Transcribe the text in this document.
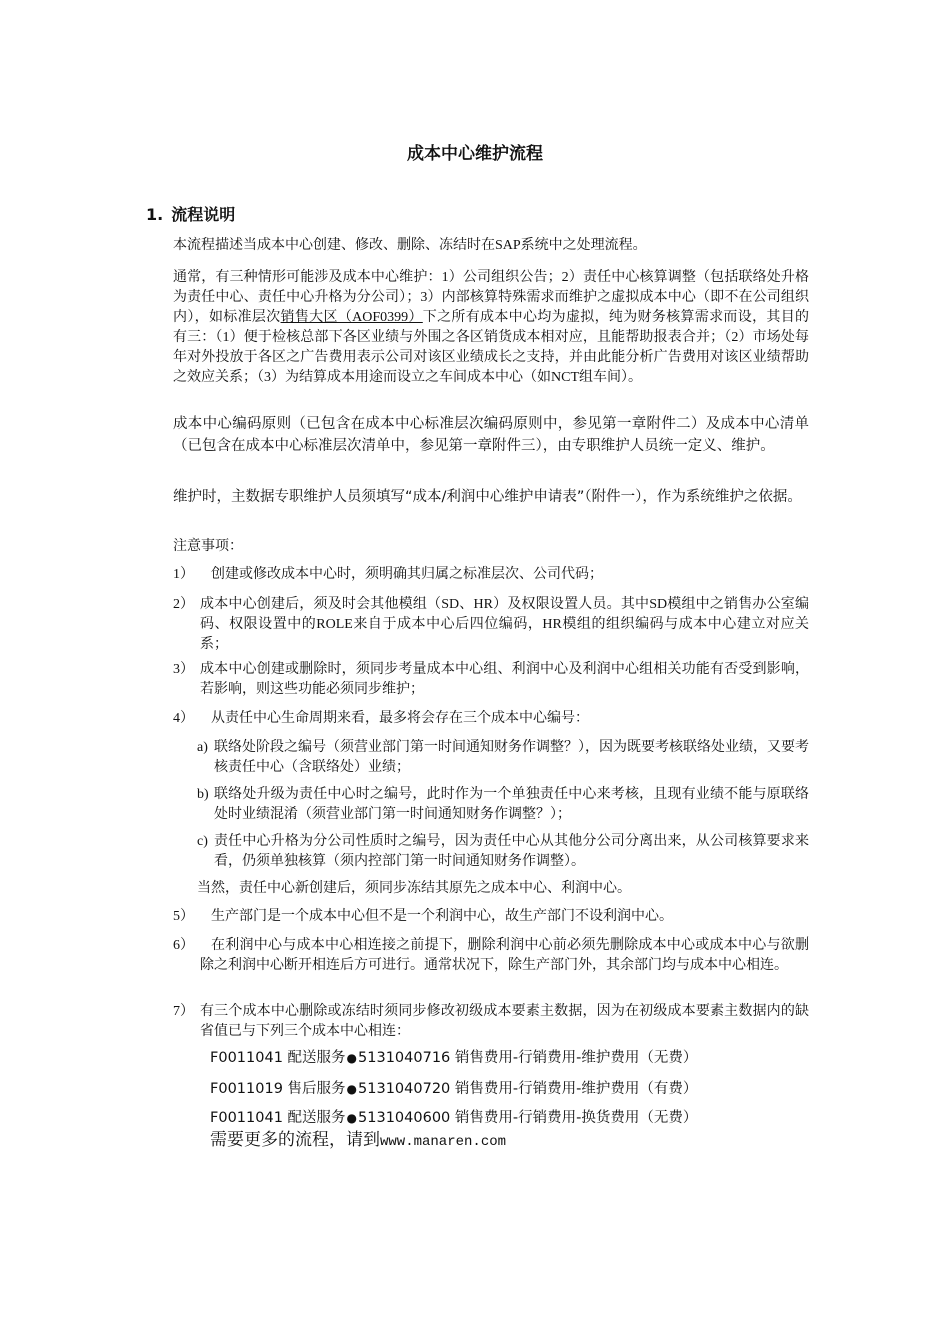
成本中心维护流程
1. 流程说明

本流程描述当成本中心创建、修改、删除、冻结时在SAP系统中之处理流程。

通常，有三种情形可能涉及成本中心维护：1）公司组织公告；2）责任中心核算调整（包括联络处升格为责任中心、责任中心升格为分公司）；3）内部核算特殊需求而维护之虚拟成本中心（即不在公司组织内），如标准层次销售大区（AOF0399）下之所有成本中心均为虚拟，纯为财务核算需求而设，其目的有三：（1）便于检核总部下各区业绩与外围之各区销货成本相对应，且能帮助报表合并；（2）市场处每年对外投放于各区之广告费用表示公司对该区业绩成长之支持，并由此能分析广告费用对该区业绩帮助之效应关系；（3）为结算成本用途而设立之车间成本中心（如NCT组车间）。

成本中心编码原则（已包含在成本中心标准层次编码原则中，参见第一章附件二）及成本中心清单（已包含在成本中心标准层次清单中，参见第一章附件三），由专职维护人员统一定义、维护。

维护时，主数据专职维护人员须填写“成本/利润中心维护申请表”（附件一），作为系统维护之依据。

注意事项：

1）	创建或修改成本中心时，须明确其归属之标准层次、公司代码；
2） 成本中心创建后，须及时会其他模组（SD、HR）及权限设置人员。其中SD模组中之销售办公室编码、权限设置中的ROLE来自于成本中心后四位编码，HR模组的组织编码与成本中心建立对应关系；
3） 成本中心创建或删除时，须同步考量成本中心组、利润中心及利润中心组相关功能有否受到影响，若影响，则这些功能必须同步维护；
4）	从责任中心生命周期来看，最多将会存在三个成本中心编号：
a) 联络处阶段之编号（须营业部门第一时间通知财务作调整？），因为既要考核联络处业绩，又要考核责任中心（含联络处）业绩；
b) 联络处升级为责任中心时之编号，此时作为一个单独责任中心来考核，且现有业绩不能与原联络处时业绩混淆（须营业部门第一时间通知财务作调整？）；
c) 责任中心升格为分公司性质时之编号，因为责任中心从其他分公司分离出来，从公司核算要求来看，仍须单独核算（须内控部门第一时间通知财务作调整）。

当然，责任中心新创建后，须同步冻结其原先之成本中心、利润中心。

5）	生产部门是一个成本中心但不是一个利润中心，故生产部门不设利润中心。
6）	在利润中心与成本中心相连接之前提下，删除利润中心前必须先删除成本中心或成本中心与欲删除之利润中心断开相连后方可进行。通常状况下，除生产部门外，其余部门均与成本中心相连。
7） 有三个成本中心删除或冻结时须同步修改初级成本要素主数据，因为在初级成本要素主数据内的缺省值已与下列三个成本中心相连：
F0011041 配送服务●5131040716 销售费用-行销费用-维护费用（无费）
F0011019 售后服务●5131040720 销售费用-行销费用-维护费用（有费）
F0011041 配送服务●5131040600 销售费用-行销费用-换货费用（无费）
需要更多的流程，请到www.manaren.com
